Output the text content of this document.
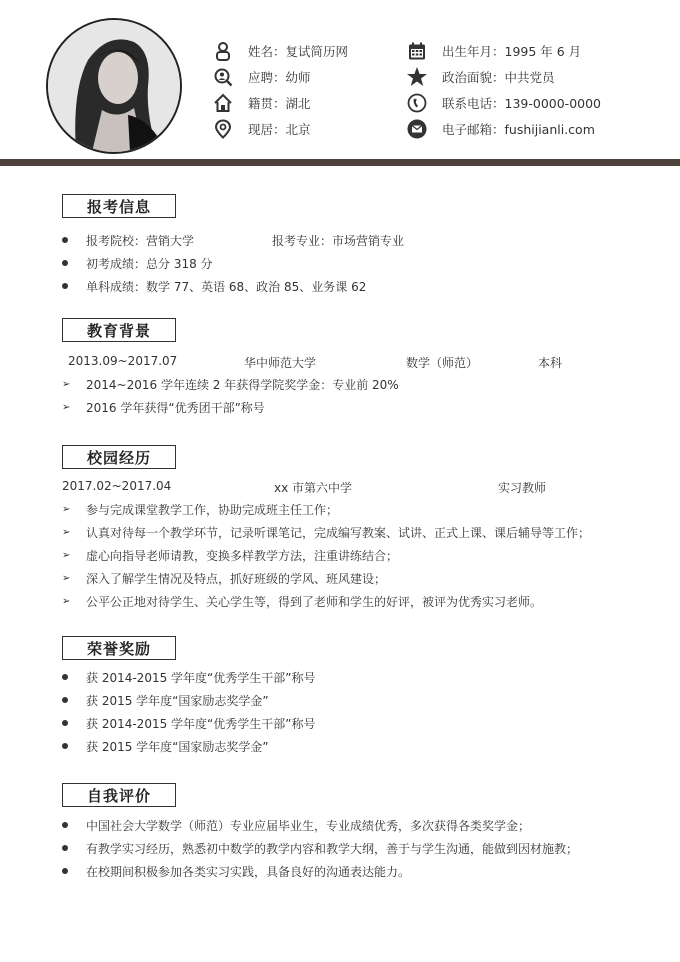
姓名：复试简历网
应聘：幼师
籍贯：湖北
现居：北京
出生年月：1995 年 6 月
政治面貌：中共党员
联系电话：139-0000-0000
电子邮箱：fushijianli.com
报考信息
报考院校：营销大学	报考专业：市场营销专业
初考成绩：总分 318 分
单科成绩：数学 77、英语 68、政治 85、业务课 62
教育背景
2013.09~2017.07	华中师范大学	数学（师范）	本科
➢ 2014~2016 学年连续 2 年获得学院奖学金：专业前 20%
➢ 2016 学年获得“优秀团干部”称号
校园经历
2017.02~2017.04	xx 市第六中学	实习教师
➢ 参与完成课堂教学工作，协助完成班主任工作；
➢ 认真对待每一个教学环节，记录听课笔记，完成编写教案、试讲、正式上课、课后辅导等工作；
➢ 虚心向指导老师请教，变换多样教学方法，注重讲练结合；
➢ 深入了解学生情况及特点，抓好班级的学风、班风建设；
➢ 公平公正地对待学生、关心学生等，得到了老师和学生的好评，被评为优秀实习老师。
荣誉奖励
获 2014-2015 学年度“优秀学生干部”称号
获 2015 学年度“国家励志奖学金”
获 2014-2015 学年度“优秀学生干部”称号
获 2015 学年度“国家励志奖学金”
自我评价
中国社会大学数学（师范）专业应届毕业生，专业成绩优秀，多次获得各类奖学金；
有教学实习经历，熟悉初中数学的教学内容和教学大纲，善于与学生沟通，能做到因材施教；
在校期间积极参加各类实习实践，具备良好的沟通表达能力。
